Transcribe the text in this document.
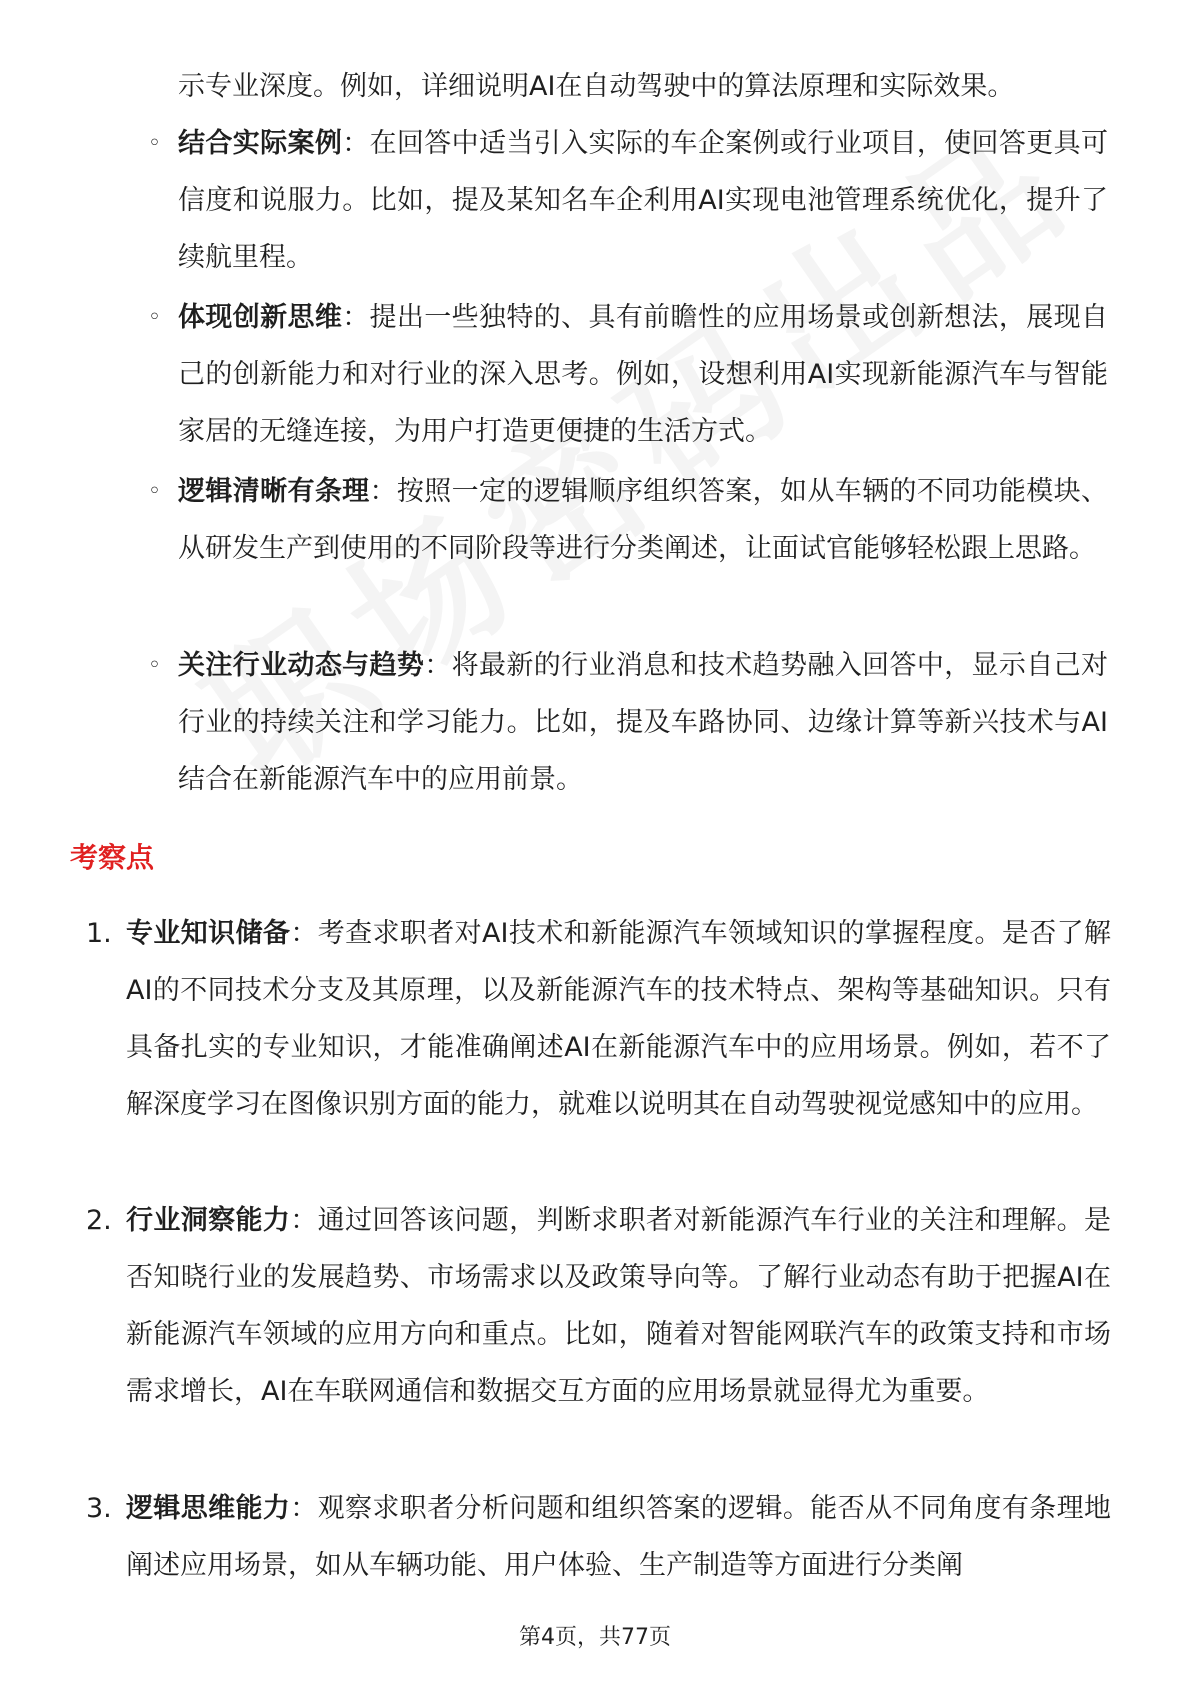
示专业深度。例如，详细说明AI在自动驾驶中的算法原理和实际效果。
◦ 结合实际案例：在回答中适当引入实际的车企案例或行业项目，使回答更具可信度和说服力。比如，提及某知名车企利用AI实现电池管理系统优化，提升了续航里程。
◦ 体现创新思维：提出一些独特的、具有前瞻性的应用场景或创新想法，展现自己的创新能力和对行业的深入思考。例如，设想利用AI实现新能源汽车与智能家居的无缝连接，为用户打造更便捷的生活方式。
◦ 逻辑清晰有条理：按照一定的逻辑顺序组织答案，如从车辆的不同功能模块、从研发生产到使用的不同阶段等进行分类阐述，让面试官能够轻松跟上思路。
◦ 关注行业动态与趋势：将最新的行业消息和技术趋势融入回答中，显示自己对行业的持续关注和学习能力。比如，提及车路协同、边缘计算等新兴技术与AI结合在新能源汽车中的应用前景。
考察点
1. 专业知识储备：考查求职者对AI技术和新能源汽车领域知识的掌握程度。是否了解AI的不同技术分支及其原理，以及新能源汽车的技术特点、架构等基础知识。只有具备扎实的专业知识，才能准确阐述AI在新能源汽车中的应用场景。例如，若不了解深度学习在图像识别方面的能力，就难以说明其在自动驾驶视觉感知中的应用。
2. 行业洞察能力：通过回答该问题，判断求职者对新能源汽车行业的关注和理解。是否知晓行业的发展趋势、市场需求以及政策导向等。了解行业动态有助于把握AI在新能源汽车领域的应用方向和重点。比如，随着对智能网联汽车的政策支持和市场需求增长，AI在车联网通信和数据交互方面的应用场景就显得尤为重要。
3. 逻辑思维能力：观察求职者分析问题和组织答案的逻辑。能否从不同角度有条理地阐述应用场景，如从车辆功能、用户体验、生产制造等方面进行分类阐
第4页，共77页
